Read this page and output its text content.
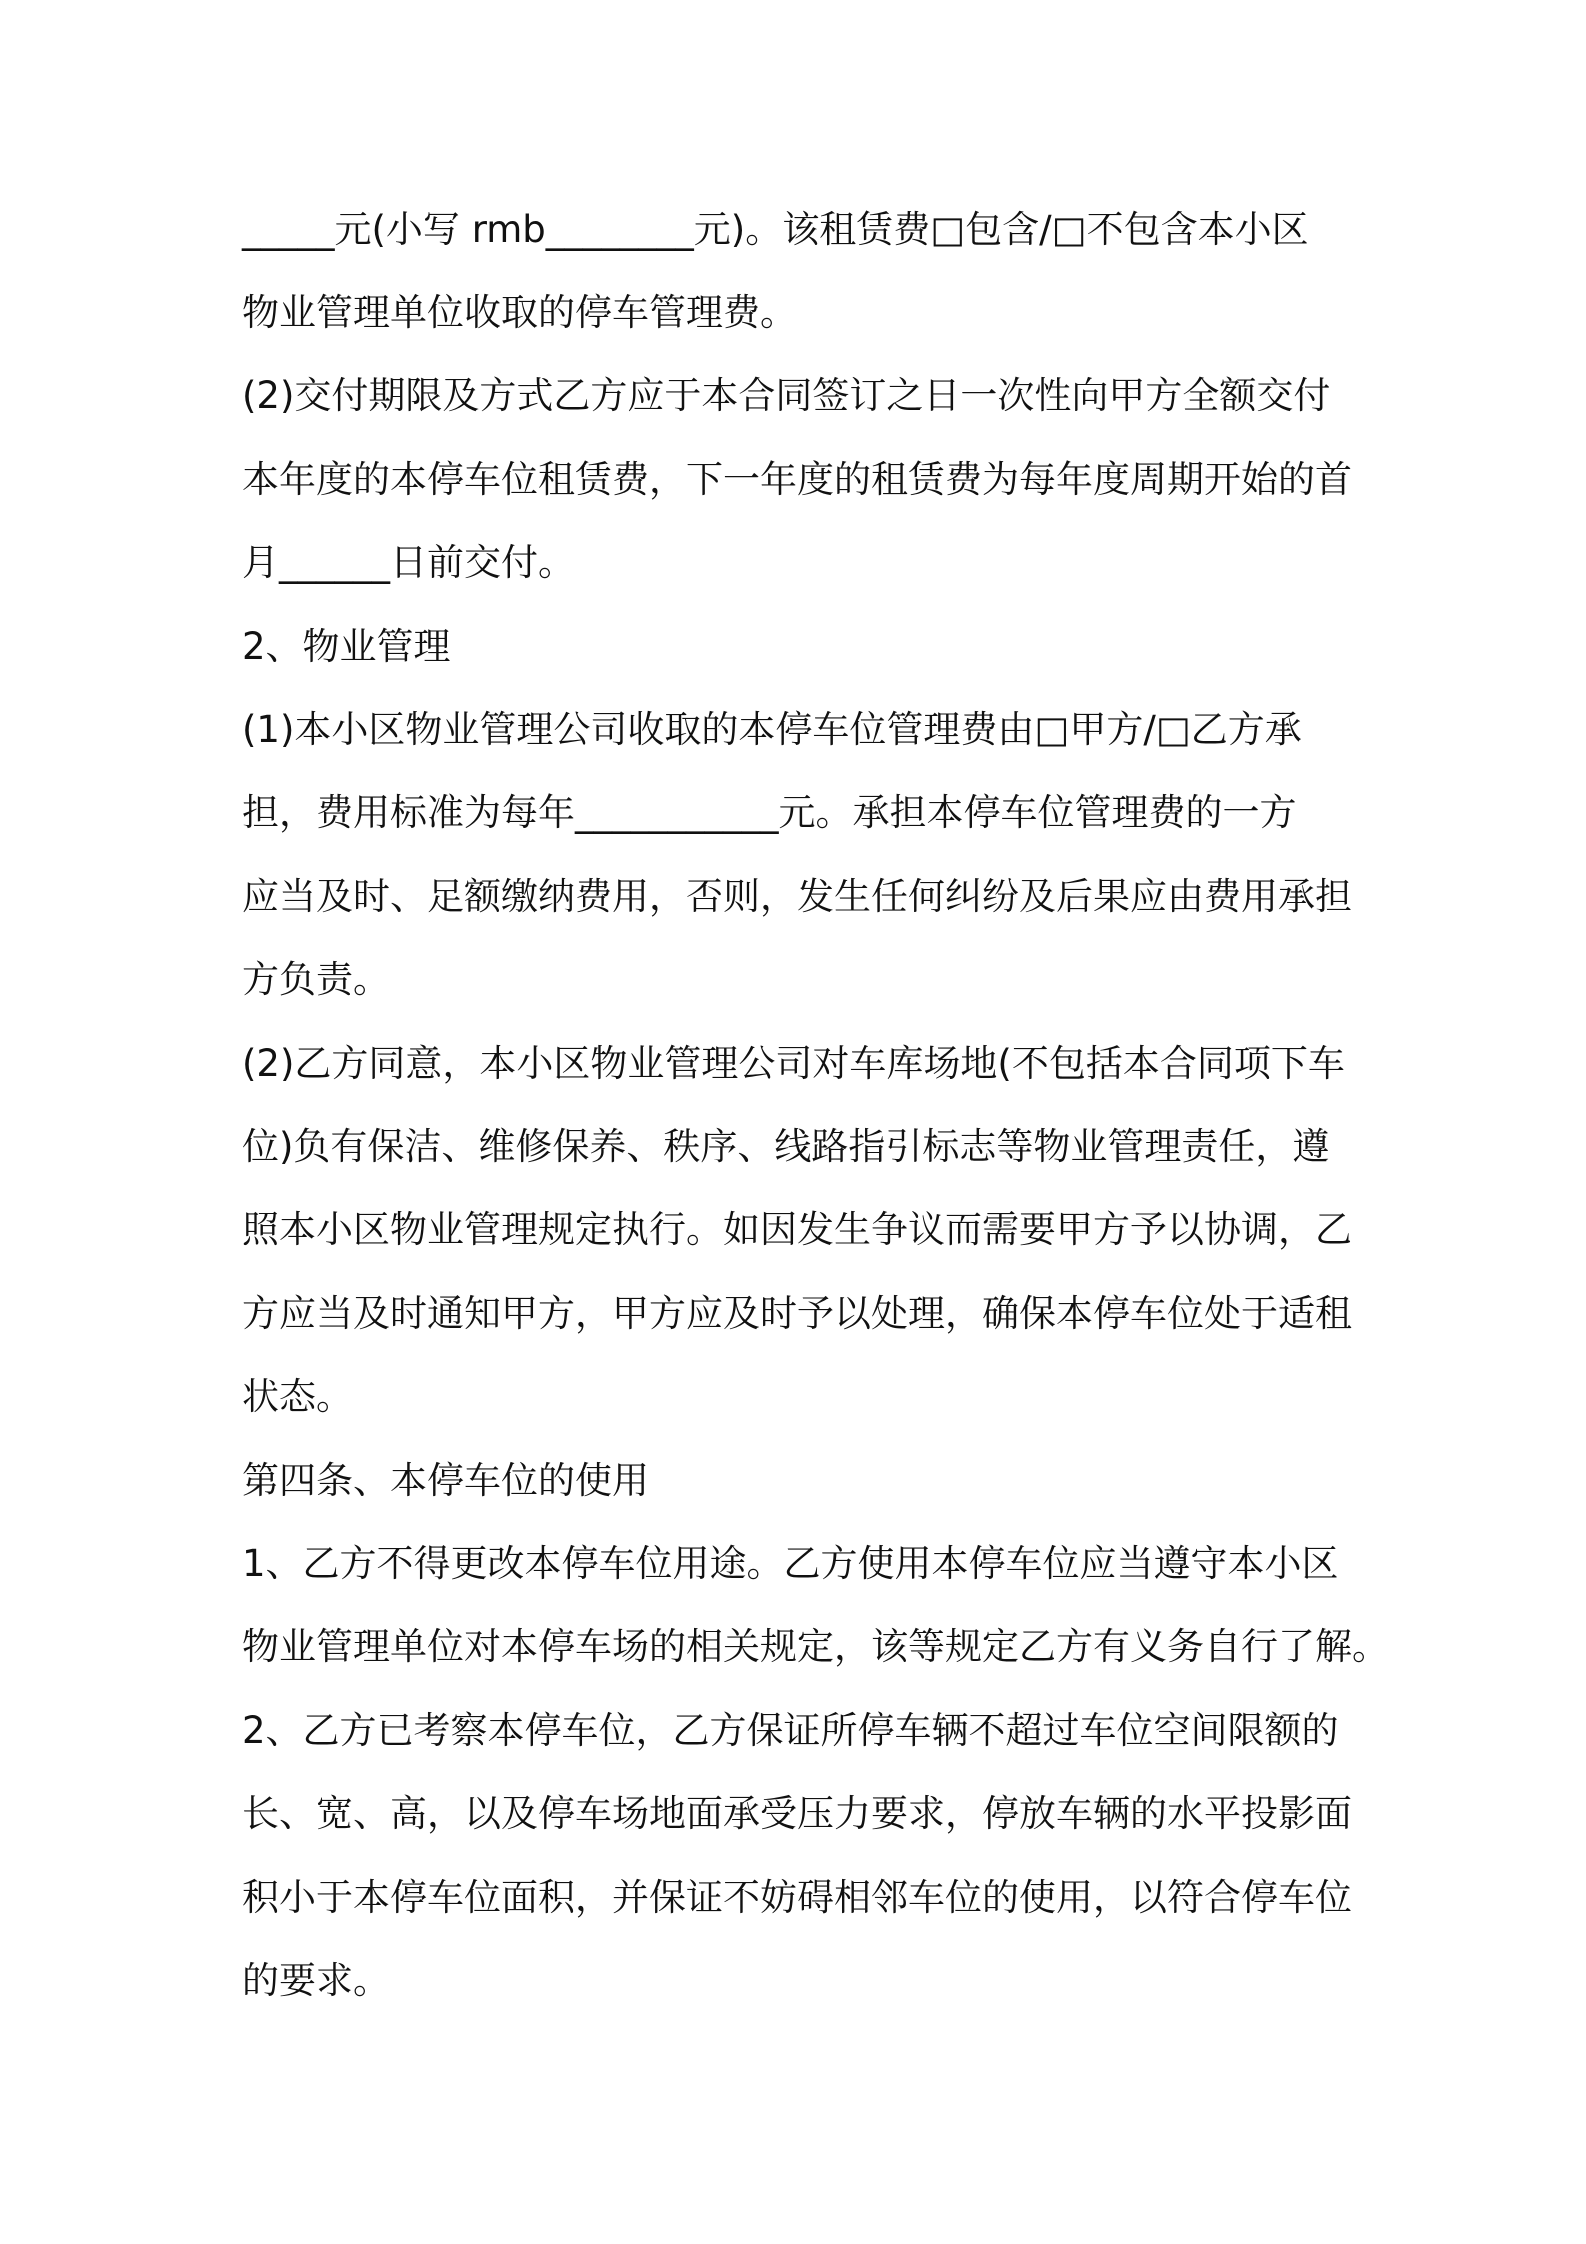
_____元(小写 rmb________元)。该租赁费□包含/□不包含本小区
物业管理单位收取的停车管理费。
(2)交付期限及方式乙方应于本合同签订之日一次性向甲方全额交付
本年度的本停车位租赁费，下一年度的租赁费为每年度周期开始的首
月______日前交付。
2、物业管理
(1)本小区物业管理公司收取的本停车位管理费由□甲方/□乙方承
担，费用标准为每年___________元。承担本停车位管理费的一方
应当及时、足额缴纳费用，否则，发生任何纠纷及后果应由费用承担
方负责。
(2)乙方同意，本小区物业管理公司对车库场地(不包括本合同项下车
位)负有保洁、维修保养、秩序、线路指引标志等物业管理责任，遵
照本小区物业管理规定执行。如因发生争议而需要甲方予以协调，乙
方应当及时通知甲方，甲方应及时予以处理，确保本停车位处于适租
状态。
第四条、本停车位的使用
1、乙方不得更改本停车位用途。乙方使用本停车位应当遵守本小区
物业管理单位对本停车场的相关规定，该等规定乙方有义务自行了解。
2、乙方已考察本停车位，乙方保证所停车辆不超过车位空间限额的
长、宽、高，以及停车场地面承受压力要求，停放车辆的水平投影面
积小于本停车位面积，并保证不妨碍相邻车位的使用，以符合停车位
的要求。
